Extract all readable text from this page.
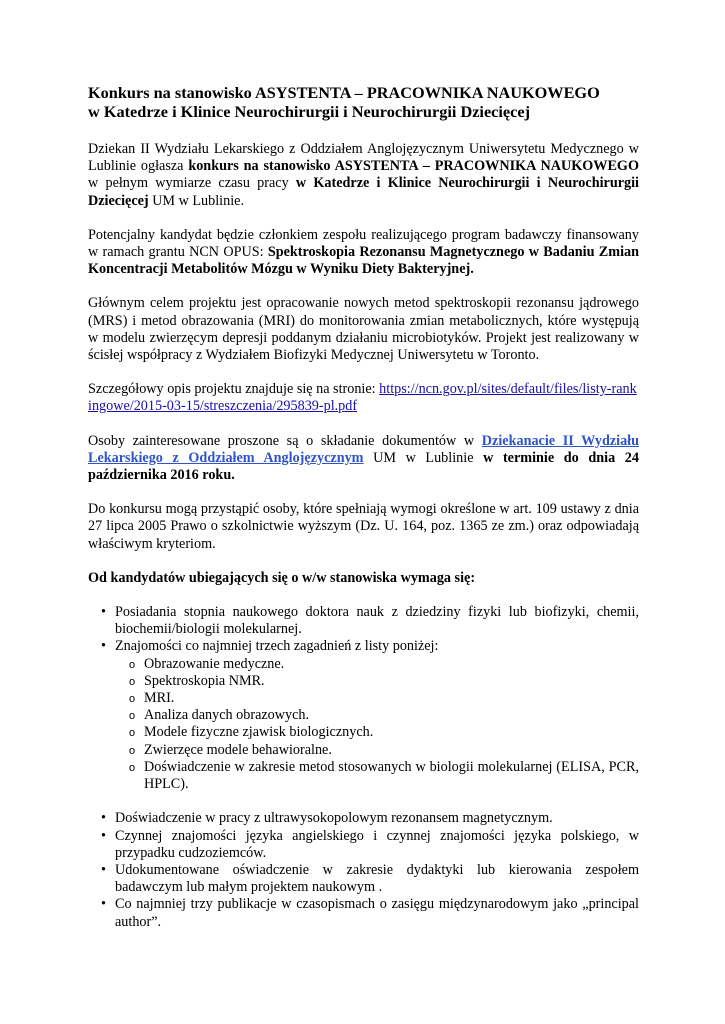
Konkurs na stanowisko ASYSTENTA – PRACOWNIKA NAUKOWEGO
w Katedrze i Klinice Neurochirurgii i Neurochirurgii Dziecięcej

Dziekan II Wydziału Lekarskiego z Oddziałem Anglojęzycznym Uniwersytetu Medycznego w Lublinie ogłasza konkurs na stanowisko ASYSTENTA – PRACOWNIKA NAUKOWEGO w pełnym wymiarze czasu pracy w Katedrze i Klinice Neurochirurgii i Neurochirurgii Dziecięcej UM w Lublinie.

Potencjalny kandydat będzie członkiem zespołu realizującego program badawczy finansowany w ramach grantu NCN OPUS: Spektroskopia Rezonansu Magnetycznego w Badaniu Zmian Koncentracji Metabolitów Mózgu w Wyniku Diety Bakteryjnej.

Głównym celem projektu jest opracowanie nowych metod spektroskopii rezonansu jądrowego (MRS) i metod obrazowania (MRI) do monitorowania zmian metabolicznych, które występują w modelu zwierzęcym depresji poddanym działaniu microbiotyków. Projekt jest realizowany w ścisłej współpracy z Wydziałem Biofizyki Medycznej Uniwersytetu w Toronto.

Szczegółowy opis projektu znajduje się na stronie: https://ncn.gov.pl/sites/default/files/listy-rankingowe/2015-03-15/streszczenia/295839-pl.pdf

Osoby zainteresowane proszone są o składanie dokumentów w Dziekanacie II Wydziału Lekarskiego z Oddziałem Anglojęzycznym UM w Lublinie w terminie do dnia 24 października 2016 roku.

Do konkursu mogą przystąpić osoby, które spełniają wymogi określone w art. 109 ustawy z dnia 27 lipca 2005 Prawo o szkolnictwie wyższym (Dz. U. 164, poz. 1365 ze zm.) oraz odpowiadają właściwym kryteriom.

Od kandydatów ubiegających się o w/w stanowiska wymaga się:

• Posiadania stopnia naukowego doktora nauk z dziedziny fizyki lub biofizyki, chemii, biochemii/biologii molekularnej.
• Znajomości co najmniej trzech zagadnień z listy poniżej:
o Obrazowanie medyczne.
o Spektroskopia NMR.
o MRI.
o Analiza danych obrazowych.
o Modele fizyczne zjawisk biologicznych.
o Zwierzęce modele behawioralne.
o Doświadczenie w zakresie metod stosowanych w biologii molekularnej (ELISA, PCR, HPLC).
• Doświadczenie w pracy z ultrawysokopolowym rezonansem magnetycznym.
• Czynnej znajomości języka angielskiego i czynnej znajomości języka polskiego, w przypadku cudzoziemców.
• Udokumentowane oświadczenie w zakresie dydaktyki lub kierowania zespołem badawczym lub małym projektem naukowym .
• Co najmniej trzy publikacje w czasopismach o zasięgu międzynarodowym jako „principal author”.
